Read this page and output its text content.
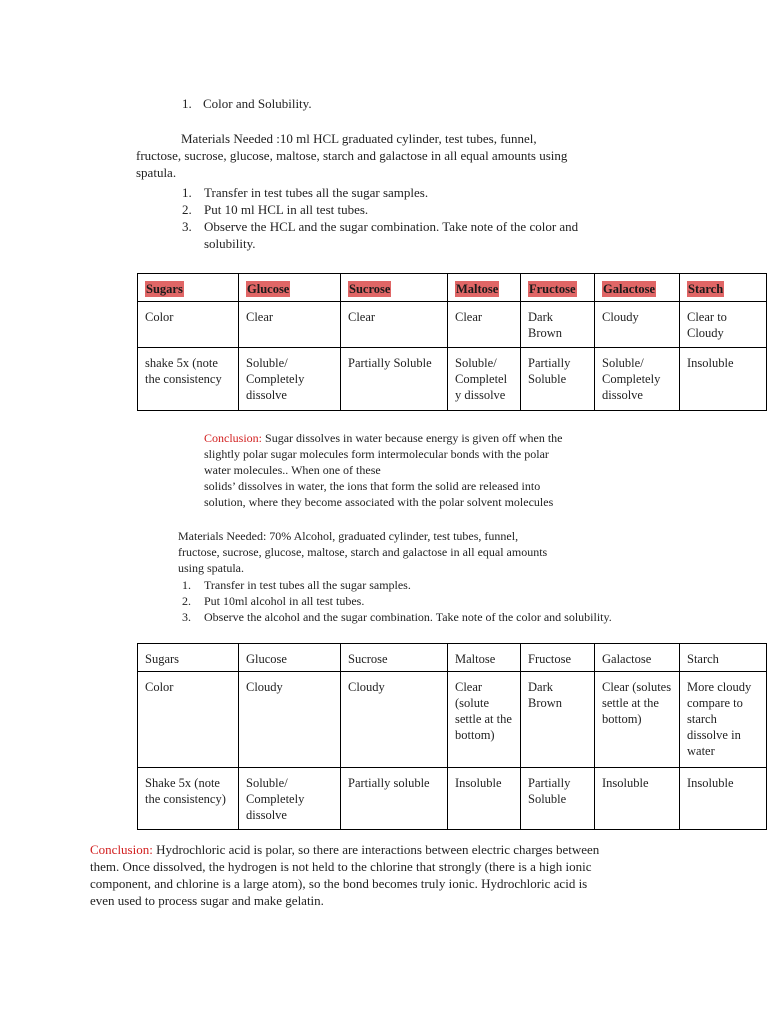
1. Color and Solubility.
Materials Needed :10 ml HCL graduated cylinder, test tubes, funnel,
fructose, sucrose, glucose, maltose, starch and galactose in all equal amounts using
spatula.
1. Transfer in test tubes all the sugar samples.
2. Put 10 ml HCL in all test tubes.
3. Observe the HCL and the sugar combination. Take note of the color and
solubility.
Sugars	Glucose	Sucrose	Maltose	Fructose	Galactose	Starch
Color	Clear	Clear	Clear	Dark Brown	Cloudy	Clear to Cloudy
shake 5x (note the consistency	Soluble/ Completely dissolve	Partially Soluble	Soluble/ Completel y dissolve	Partially Soluble	Soluble/ Completely dissolve	Insoluble
Conclusion: Sugar dissolves in water because energy is given off when the
slightly polar sugar molecules form intermolecular bonds with the polar
water molecules.. When one of these
solids’ dissolves in water, the ions that form the solid are released into
solution, where they become associated with the polar solvent molecules
Materials Needed: 70% Alcohol, graduated cylinder, test tubes, funnel,
fructose, sucrose, glucose, maltose, starch and galactose in all equal amounts
using spatula.
1. Transfer in test tubes all the sugar samples.
2. Put 10ml alcohol in all test tubes.
3. Observe the alcohol and the sugar combination. Take note of the color and solubility.
Sugars	Glucose	Sucrose	Maltose	Fructose	Galactose	Starch
Color	Cloudy	Cloudy	Clear (solute settle at the bottom)	Dark Brown	Clear (solutes settle at the bottom)	More cloudy compare to starch dissolve in water
Shake 5x (note the consistency)	Soluble/ Completely dissolve	Partially soluble	Insoluble	Partially Soluble	Insoluble	Insoluble
Conclusion: Hydrochloric acid is polar, so there are interactions between electric charges between
them. Once dissolved, the hydrogen is not held to the chlorine that strongly (there is a high ionic
component, and chlorine is a large atom), so the bond becomes truly ionic. Hydrochloric acid is
even used to process sugar and make gelatin.
